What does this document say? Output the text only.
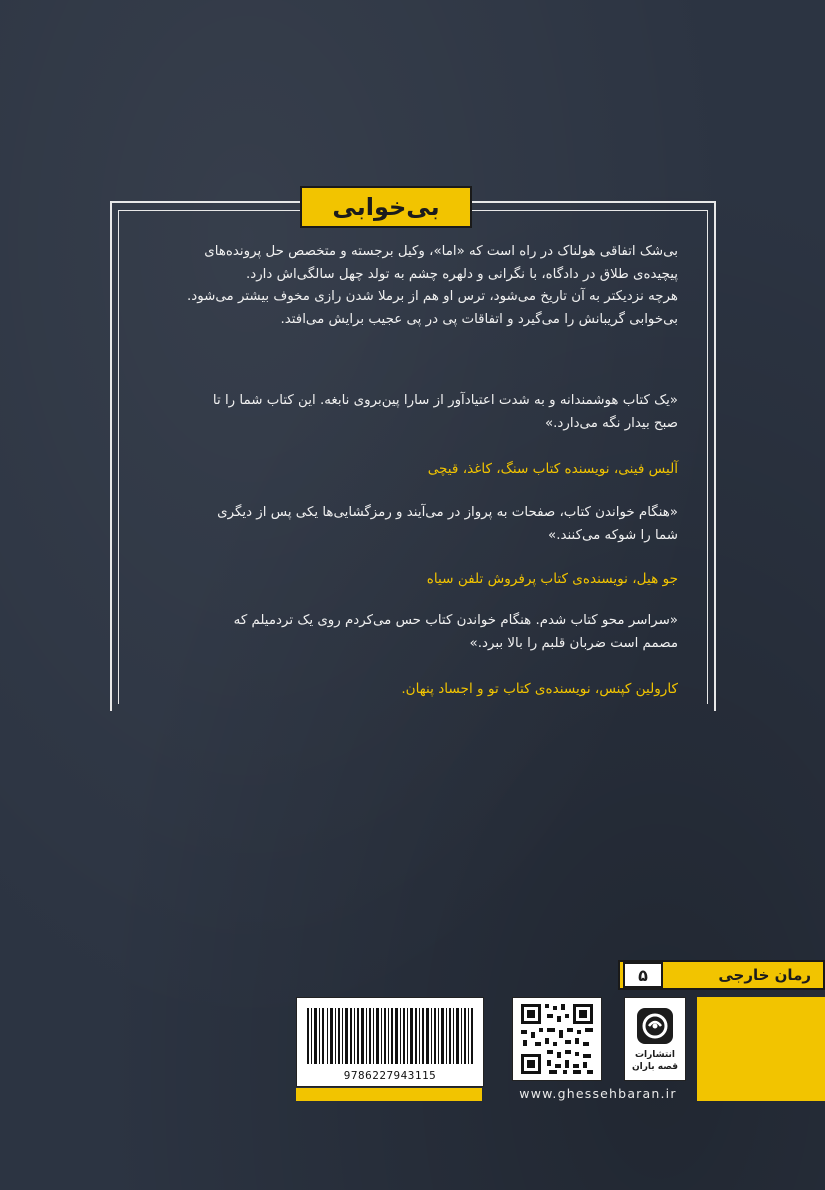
بی‌خوابی
بی‌شک اتفاقی هولناک در راه است که «اما»، وکیل برجسته و متخصص حل پرونده‌های
پیچیده‌ی طلاق در دادگاه، با نگرانی و دلهره چشم به تولد چهل سالگی‌اش دارد.
هرچه نزدیکتر به آن تاریخ می‌شود، ترس او هم از برملا شدن رازی مخوف بیشتر می‌شود.
بی‌خوابی گریبانش را می‌گیرد و اتفاقات پی در پی عجیب برایش می‌افتد.
«یک کتاب هوشمندانه و به شدت اعتیادآور از سارا پین‌بروی نابغه. این کتاب شما را تا
صبح بیدار نگه می‌دارد.»
آلیس فینی، نویسنده کتاب سنگ، کاغذ، قیچی
«هنگام خواندن کتاب، صفحات به پرواز در می‌آیند و رمزگشایی‌ها یکی پس از دیگری
شما را شوکه می‌کنند.»
جو هیل، نویسنده‌ی کتاب پرفروش تلفن سیاه
«سراسر محو کتاب شدم. هنگام خواندن کتاب حس می‌کردم روی یک تردمیلم که
مصمم است ضربان قلبم را بالا ببرد.»
کارولین کپنس، نویسنده‌ی کتاب تو و اجساد پنهان.
رمان خارجی
۵
9786227943115
انتشارات
قصه باران
www.ghessehbaran.ir
